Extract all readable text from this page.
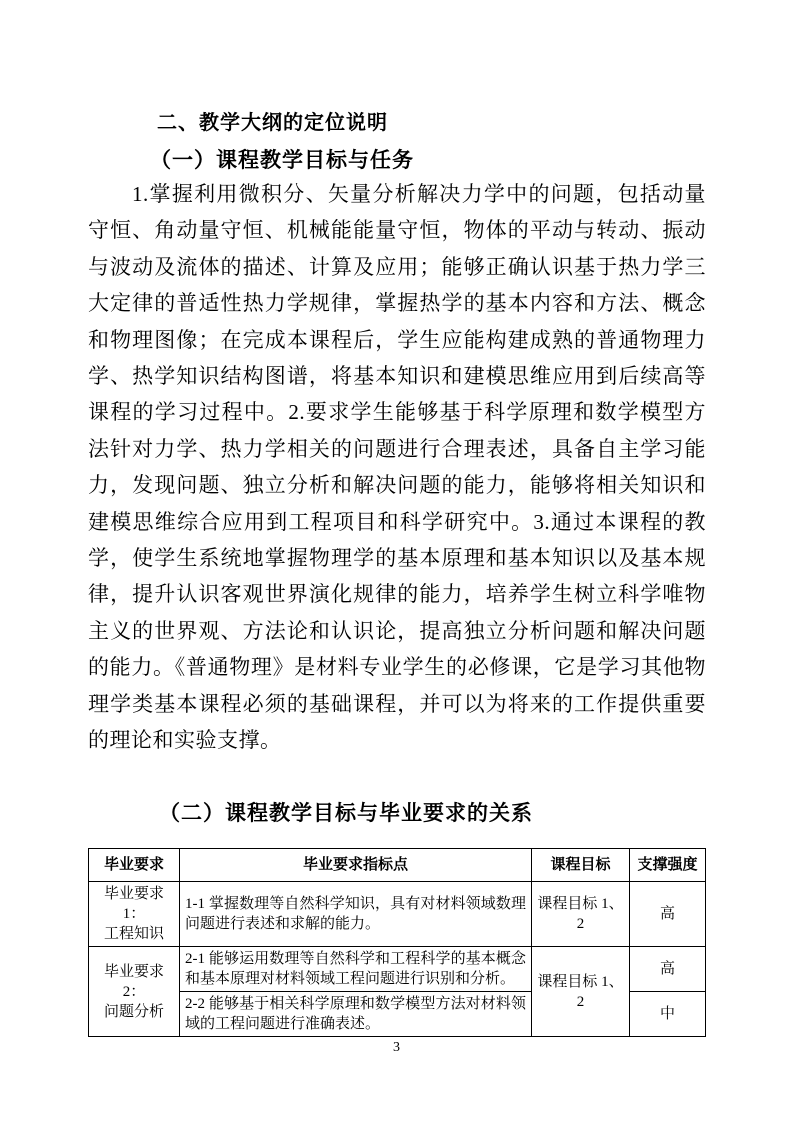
二、教学大纲的定位说明
（一）课程教学目标与任务

1.掌握利用微积分、矢量分析解决力学中的问题，包括动量守恒、角动量守恒、机械能能量守恒，物体的平动与转动、振动与波动及流体的描述、计算及应用；能够正确认识基于热力学三大定律的普适性热力学规律，掌握热学的基本内容和方法、概念和物理图像；在完成本课程后，学生应能构建成熟的普通物理力学、热学知识结构图谱，将基本知识和建模思维应用到后续高等课程的学习过程中。2.要求学生能够基于科学原理和数学模型方法针对力学、热力学相关的问题进行合理表述，具备自主学习能力，发现问题、独立分析和解决问题的能力，能够将相关知识和建模思维综合应用到工程项目和科学研究中。3.通过本课程的教学，使学生系统地掌握物理学的基本原理和基本知识以及基本规律，提升认识客观世界演化规律的能力，培养学生树立科学唯物主义的世界观、方法论和认识论，提高独立分析问题和解决问题的能力。《普通物理》是材料专业学生的必修课，它是学习其他物理学类基本课程必须的基础课程，并可以为将来的工作提供重要的理论和实验支撑。

（二）课程教学目标与毕业要求的关系
毕业要求	毕业要求指标点	课程目标	支撑强度

毕业要求 1：
工程知识	1-1 掌握数理等自然科学知识，具有对材料领域数理问题进行表述和求解的能力。	课程目标 1、2	高

毕业要求 2：
问题分析	2-1 能够运用数理等自然科学和工程科学的基本概念和基本原理对材料领域工程问题进行识别和分析。	课程目标 1、2	高
	2-2 能够基于相关科学原理和数学模型方法对材料领域的工程问题进行准确表述。		中
3
